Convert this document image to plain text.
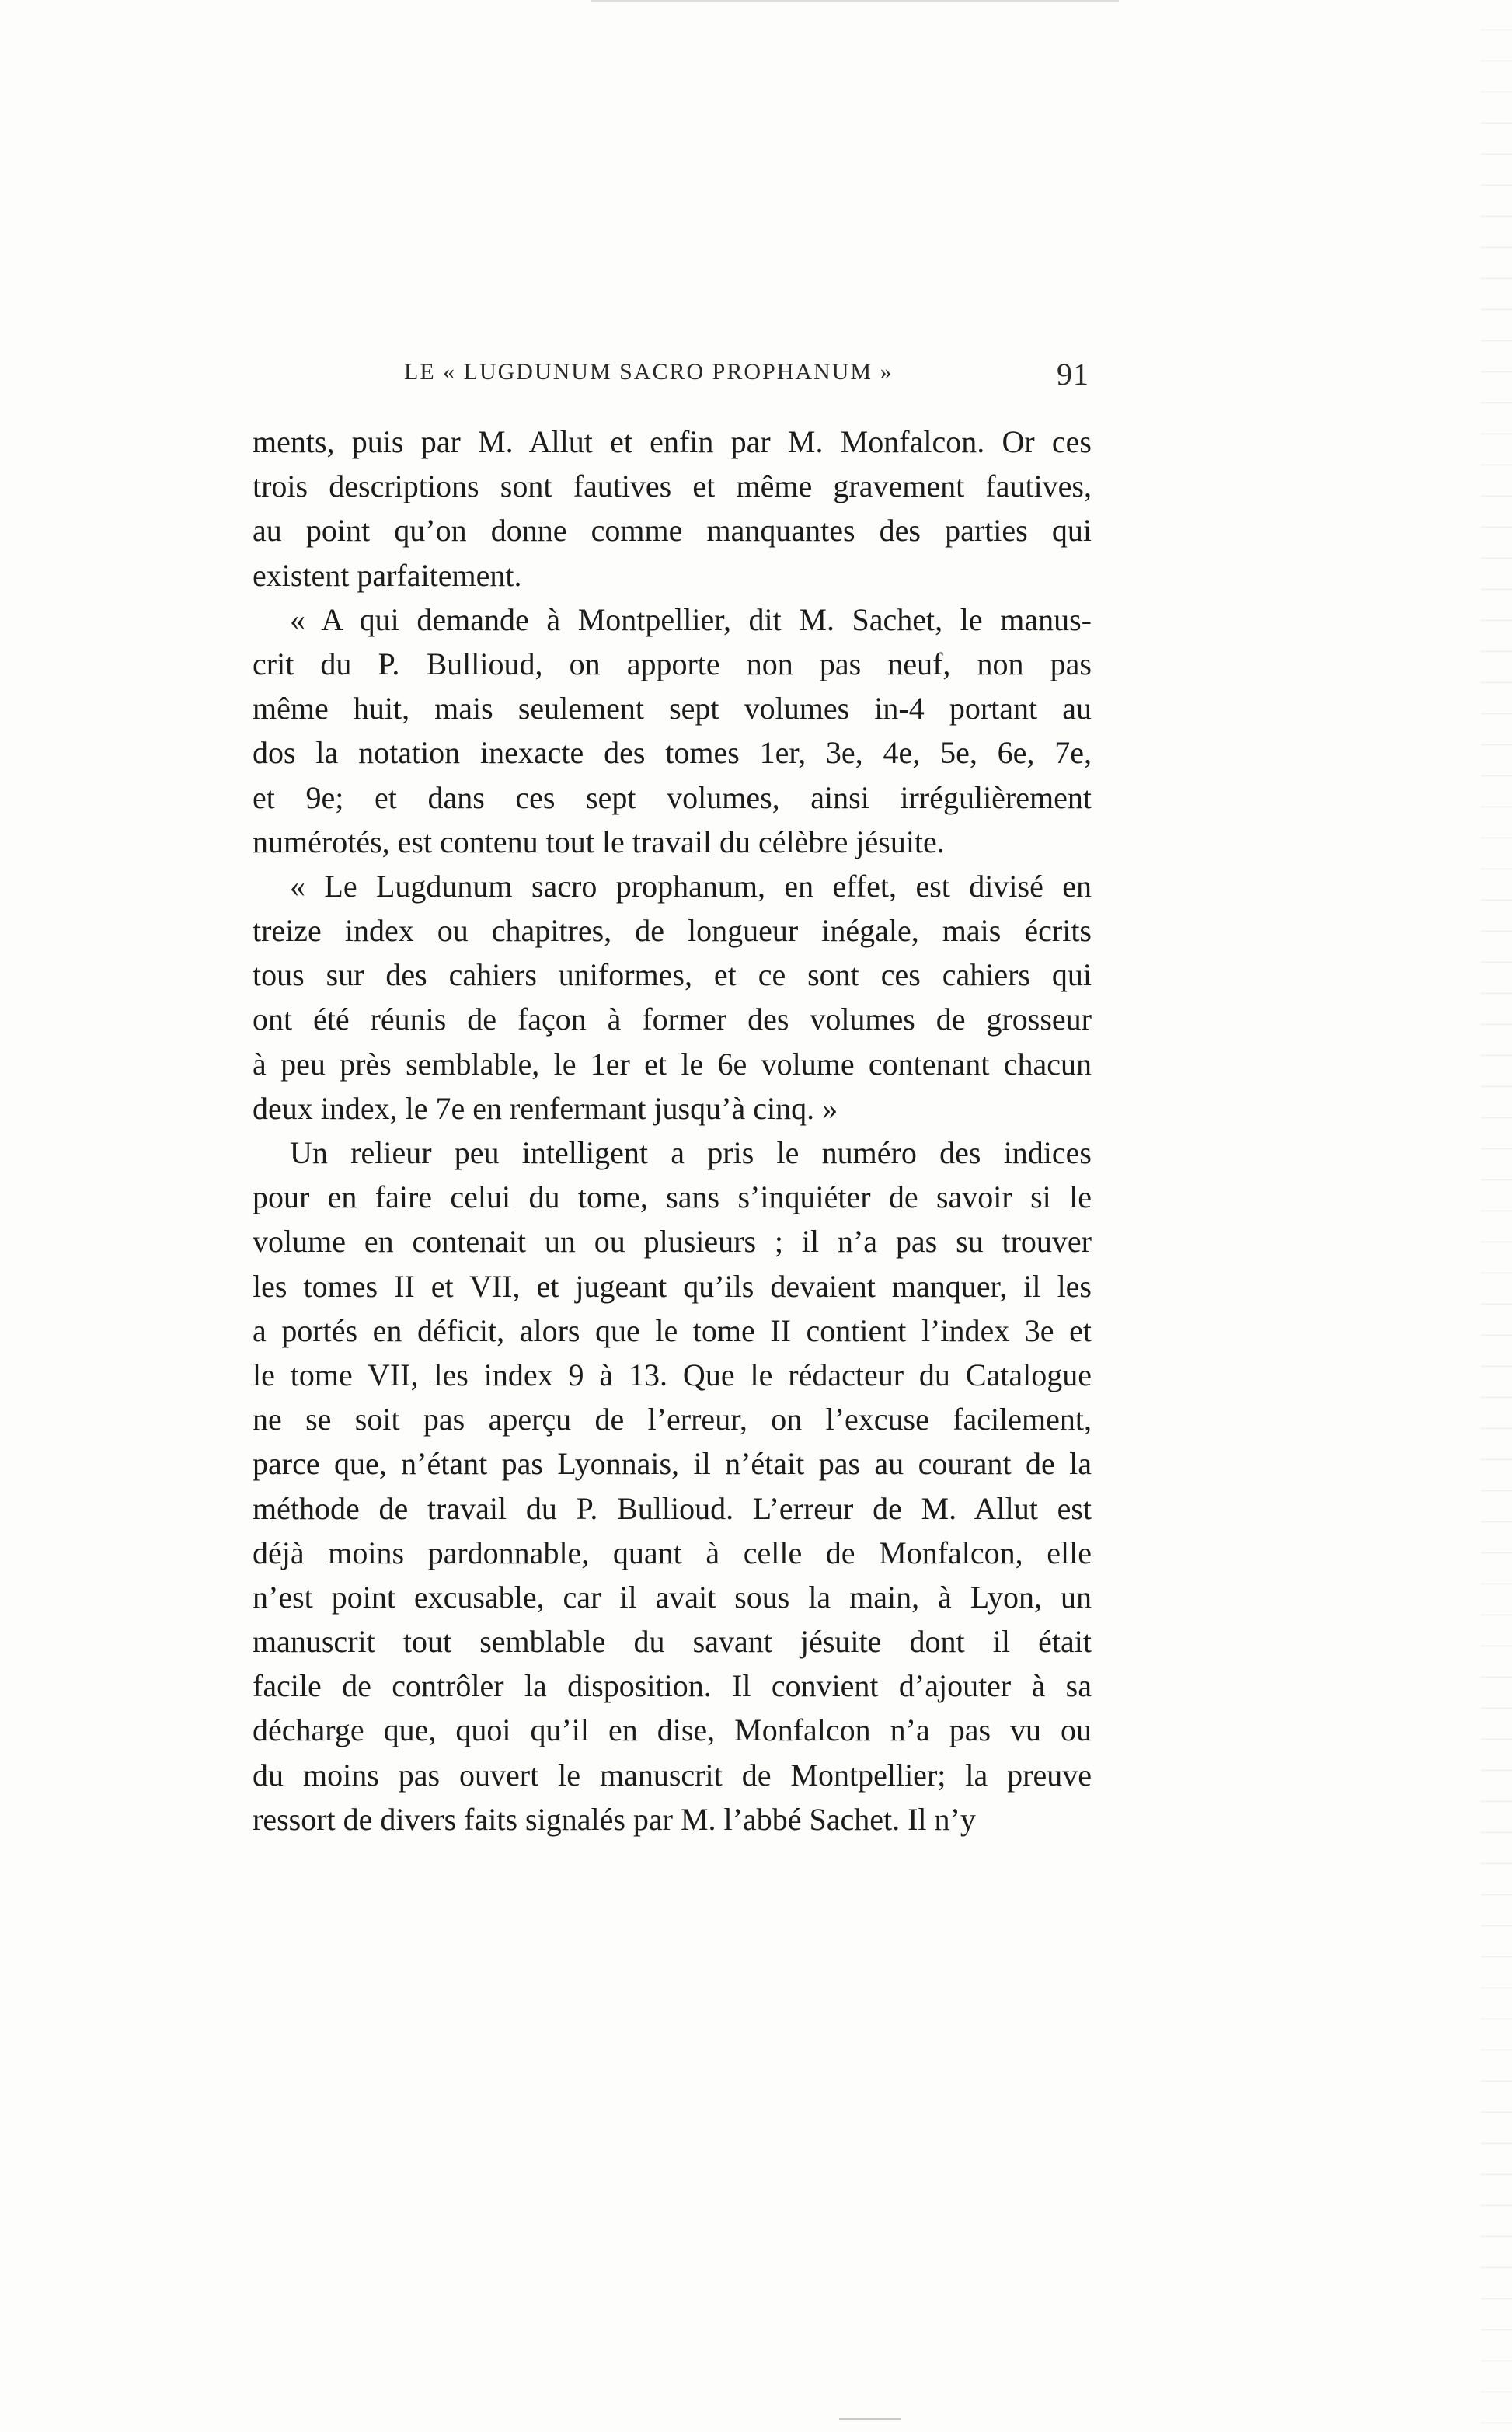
LE « LUGDUNUM SACRO PROPHANUM »	91
ments, puis par M. Allut et enfin par M. Monfalcon. Or ces
trois descriptions sont fautives et même gravement fautives,
au point qu’on donne comme manquantes des parties qui
existent parfaitement.
« A qui demande à Montpellier, dit M. Sachet, le manus-
crit du P. Bullioud, on apporte non pas neuf, non pas
même huit, mais seulement sept volumes in-4 portant au
dos la notation inexacte des tomes 1er, 3e, 4e, 5e, 6e, 7e,
et 9e; et dans ces sept volumes, ainsi irrégulièrement
numérotés, est contenu tout le travail du célèbre jésuite.
« Le Lugdunum sacro prophanum, en effet, est divisé en
treize index ou chapitres, de longueur inégale, mais écrits
tous sur des cahiers uniformes, et ce sont ces cahiers qui
ont été réunis de façon à former des volumes de grosseur
à peu près semblable, le 1er et le 6e volume contenant chacun
deux index, le 7e en renfermant jusqu’à cinq. »
Un relieur peu intelligent a pris le numéro des indices
pour en faire celui du tome, sans s’inquiéter de savoir si le
volume en contenait un ou plusieurs ; il n’a pas su trouver
les tomes II et VII, et jugeant qu’ils devaient manquer, il les
a portés en déficit, alors que le tome II contient l’index 3e et
le tome VII, les index 9 à 13. Que le rédacteur du Catalogue
ne se soit pas aperçu de l’erreur, on l’excuse facilement,
parce que, n’étant pas Lyonnais, il n’était pas au courant de la
méthode de travail du P. Bullioud. L’erreur de M. Allut est
déjà moins pardonnable, quant à celle de Monfalcon, elle
n’est point excusable, car il avait sous la main, à Lyon, un
manuscrit tout semblable du savant jésuite dont il était
facile de contrôler la disposition. Il convient d’ajouter à sa
décharge que, quoi qu’il en dise, Monfalcon n’a pas vu ou
du moins pas ouvert le manuscrit de Montpellier; la preuve
ressort de divers faits signalés par M. l’abbé Sachet. Il n’y
